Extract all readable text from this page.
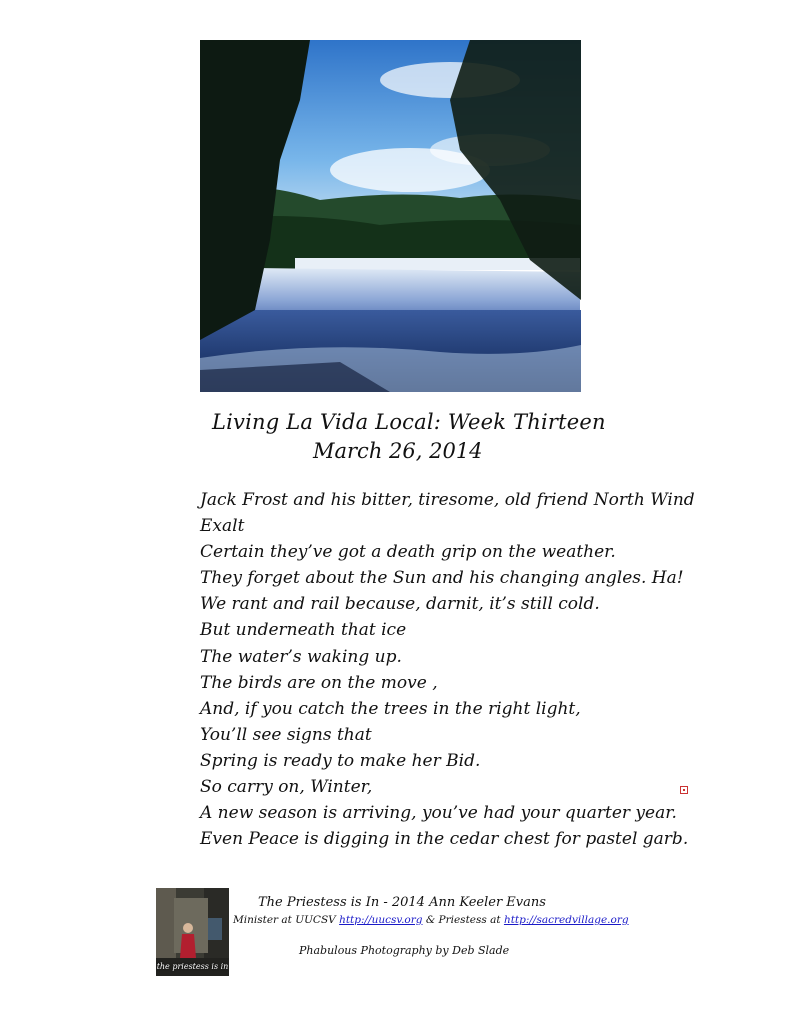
Living La Vida Local: Week Thirteen
March 26, 2014
Jack Frost and his bitter, tiresome, old friend North Wind
Exalt
Certain they’ve got a death grip on the weather.
They forget about the Sun and his changing angles. Ha!
We rant and rail because, darnit, it’s still cold.
But underneath that ice
The water’s waking up.
The birds are on the move ,
And, if you catch the trees in the right light,
You’ll see signs that
Spring is ready to make her Bid.
So carry on, Winter,
A new season is arriving, you’ve had your quarter year.
Even Peace is digging in the cedar chest for pastel garb.
the priestess is in
The Priestess is In - 2014 Ann Keeler Evans
Minister at UUCSV http://uucsv.org & Priestess at http://sacredvillage.org
Phabulous Photography by Deb Slade
